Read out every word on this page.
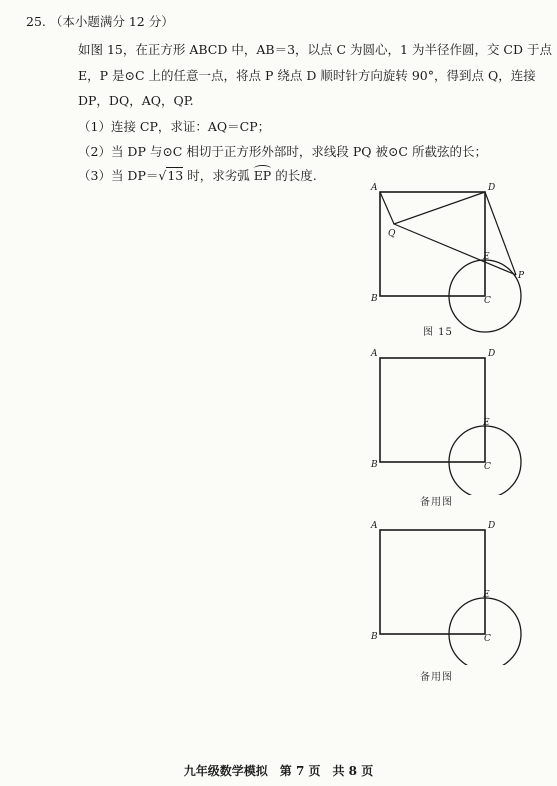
25. （本小题满分 12 分）
如图 15，在正方形 ABCD 中，AB＝3，以点 C 为圆心，1 为半径作圆，交 CD 于点
E，P 是⊙C 上的任意一点，将点 P 绕点 D 顺时针方向旋转 90°，得到点 Q，连接
DP，DQ，AQ，QP.
（1）连接 CP，求证：AQ＝CP；
（2）当 DP 与⊙C 相切于正方形外部时，求线段 PQ 被⊙C 所截弦的长；
（3）当 DP＝√13 时，求劣弧 EP 的长度.
A	D
B	C
E
P
Q
图 15
A	D
B	C
E
备用图
A	D
B	C
E
备用图
九年级数学模拟　第 7 页　共 8 页
